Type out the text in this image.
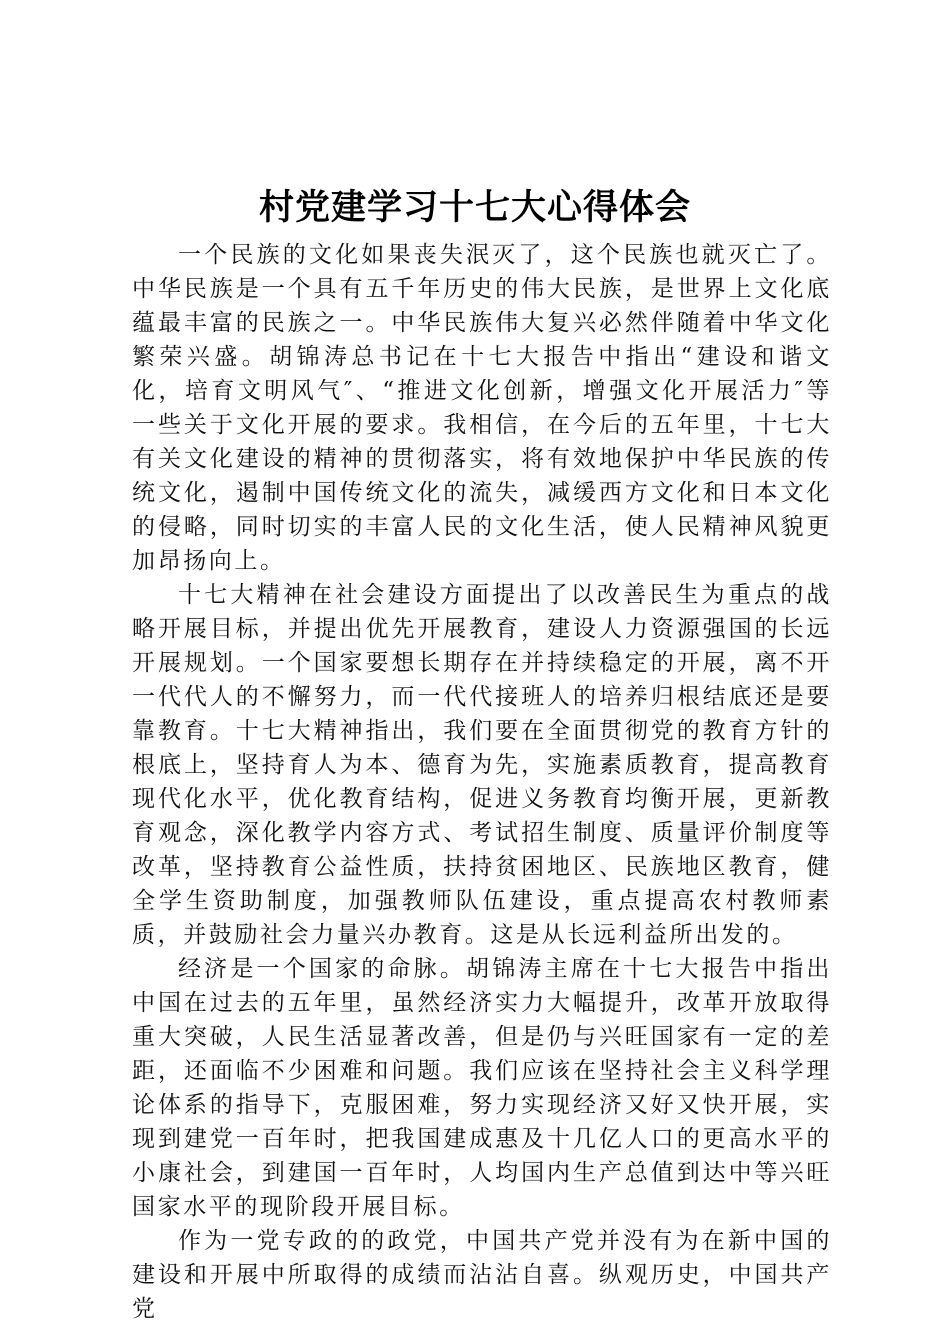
村党建学习十七大心得体会

一个民族的文化如果丧失泯灭了，这个民族也就灭亡了。中华民族是一个具有五千年历史的伟大民族，是世界上文化底蕴最丰富的民族之一。中华民族伟大复兴必然伴随着中华文化繁荣兴盛。胡锦涛总书记在十七大报告中指出“建设和谐文化，培育文明风气″、“推进文化创新，增强文化开展活力″等一些关于文化开展的要求。我相信，在今后的五年里，十七大有关文化建设的精神的贯彻落实，将有效地保护中华民族的传统文化，遏制中国传统文化的流失，减缓西方文化和日本文化的侵略，同时切实的丰富人民的文化生活，使人民精神风貌更加昂扬向上。

十七大精神在社会建设方面提出了以改善民生为重点的战略开展目标，并提出优先开展教育，建设人力资源强国的长远开展规划。一个国家要想长期存在并持续稳定的开展，离不开一代代人的不懈努力，而一代代接班人的培养归根结底还是要靠教育。十七大精神指出，我们要在全面贯彻党的教育方针的根底上，坚持育人为本、德育为先，实施素质教育，提高教育现代化水平，优化教育结构，促进义务教育均衡开展，更新教育观念，深化教学内容方式、考试招生制度、质量评价制度等改革，坚持教育公益性质，扶持贫困地区、民族地区教育，健全学生资助制度，加强教师队伍建设，重点提高农村教师素质，并鼓励社会力量兴办教育。这是从长远利益所出发的。

经济是一个国家的命脉。胡锦涛主席在十七大报告中指出中国在过去的五年里，虽然经济实力大幅提升，改革开放取得重大突破，人民生活显著改善，但是仍与兴旺国家有一定的差距，还面临不少困难和问题。我们应该在坚持社会主义科学理论体系的指导下，克服困难，努力实现经济又好又快开展，实现到建党一百年时，把我国建成惠及十几亿人口的更高水平的小康社会，到建国一百年时，人均国内生产总值到达中等兴旺国家水平的现阶段开展目标。

作为一党专政的的政党，中国共产党并没有为在新中国的建设和开展中所取得的成绩而沾沾自喜。纵观历史，中国共产党
